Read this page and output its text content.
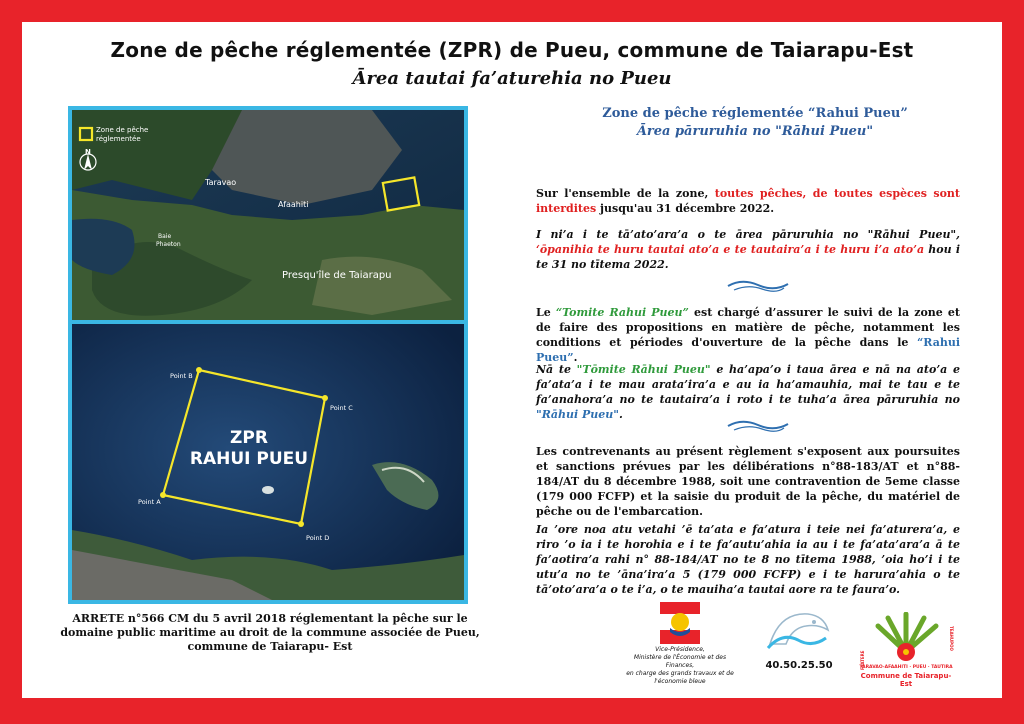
Zone de pêche réglementée (ZPR) de Pueu, commune de Taiarapu-Est
Ārea tautai fa’aturehia no Pueu
Zone de pêche
réglementée
N
Taravao
Afaahiti
Baie
Phaeton
Presqu'île de Taiarapu
Point B
Point C
Point D
Point A
ZPR
RAHUI PUEU
ARRETE n°566 CM du 5 avril 2018 réglementant la pêche sur le
domaine public maritime au droit de la commune associée de Pueu,
commune de Taiarapu- Est
Zone de pêche réglementée “Rahui Pueu”
Ārea pāruruhia no "Rāhui Pueu"
Sur l'ensemble de la zone, toutes pêches, de toutes espèces sont interdites jusqu'au 31 décembre 2022.
I ni’a i te tā’ato’ara’a o te ārea pāruruhia no "Rāhui Pueu", ‘ōpanihia te huru tautai ato’a e te tautaira’a i te huru i’a ato’a hou i te 31 no tītema 2022.
Le “Tomite Rahui Pueu” est chargé d’assurer le suivi de la zone et de faire des propositions en matière de pêche, notamment les conditions et périodes d'ouverture de la pêche dans le “Rahui Pueu”.
Nā te "Tōmite Rāhui Pueu" e ha’apa’o i taua ārea e nā na ato’a e fa’ata’a i te mau arata’ira’a e au ia ha’amauhia, mai te tau e te fa’anahora’a no te tautaira’a i roto i te tuha’a ārea pāruruhia no "Rāhui Pueu".
Les contrevenants au présent règlement s'exposent aux poursuites et sanctions prévues par les délibérations n°88-183/AT et n°88-184/AT du 8 décembre 1988, soit une contravention de 5eme classe (179 000 FCFP) et la saisie du produit de la pêche, du matériel de pêche ou de l'embarcation.
Ia ’ore noa atu vetahi ’ē ta’ata e fa’atura i teie nei fa’aturera’a, e riro ’o ia i te horohia e i te fa’autu’ahia ia au i te fa’ata’ara’a ā te fa’aotira’a rahi n° 88-184/AT no te 8 no tītema 1988, ’oia ho’i i te utu’a no te ’āna’ira’a 5 (179 000 FCFP) e i te harura’ahia o te tā’oto’ara’a o te i’a, o te mauiha’a tautai aore ra te faura’o.
Vice-Présidence,
Ministère de l'Économie et des Finances,
en charge des grands travaux et de l'économie bleue
40.50.25.50	TARAVAO-AFAAHITI · PUEU · TAUTIRA
FAATERE
TEAHUPOO
Commune de Taiarapu-Est
